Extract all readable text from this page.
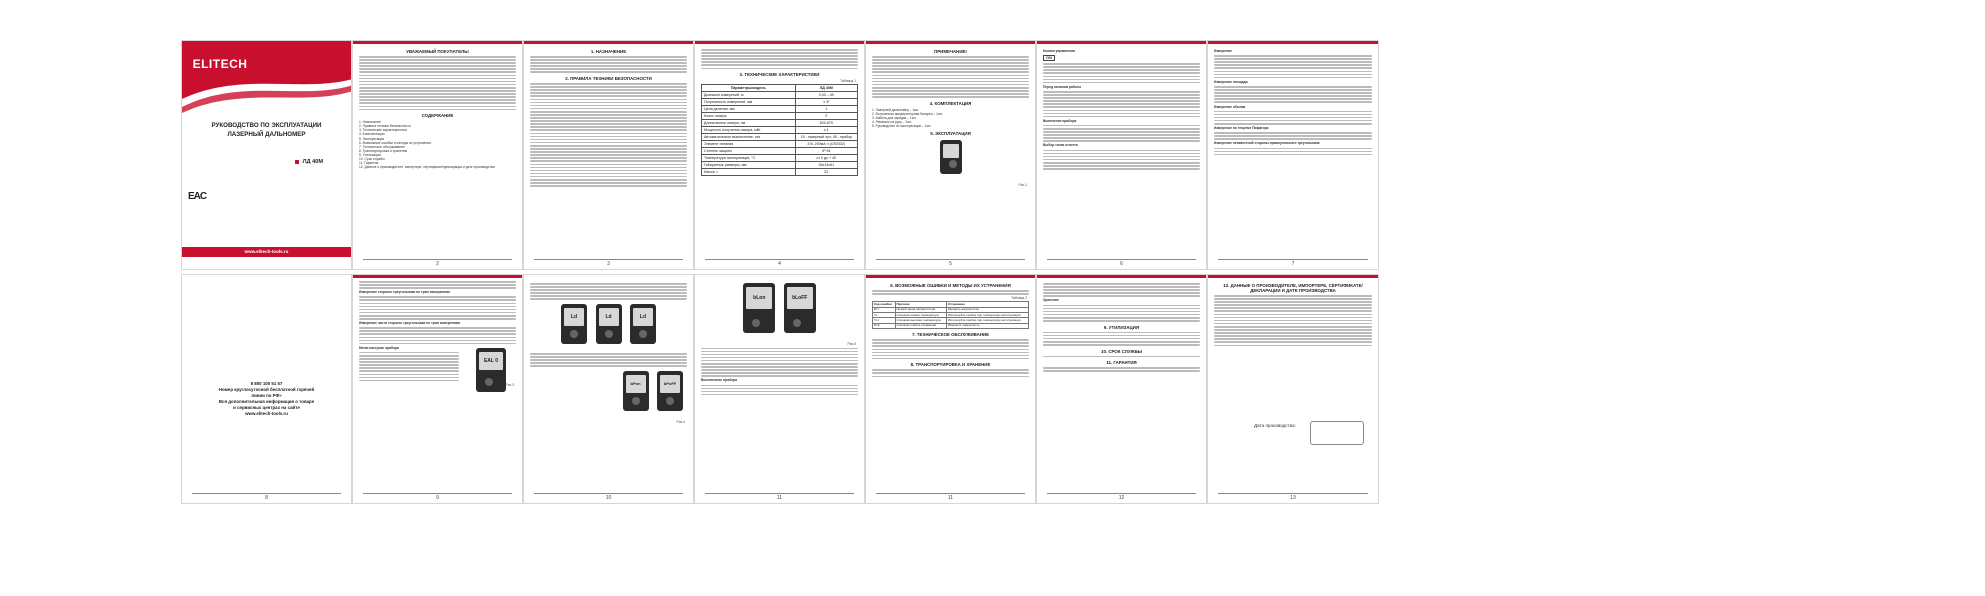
ELITECH
РУКОВОДСТВО ПО ЭКСПЛУАТАЦИИ
ЛАЗЕРНЫЙ ДАЛЬНОМЕР
ЛД 40М
EAC
www.elitech-tools.ru
УВАЖАЕМЫЙ ПОКУПАТЕЛЬ!
СОДЕРЖАНИЕ
1. Назначение
2. Правила техники безопасности
3. Технические характеристики
4. Комплектация
5. Эксплуатация
6. Возможные ошибки и методы их устранения
7. Техническое обслуживание
8. Транспортировка и хранение
9. Утилизация
10. Срок службы
11. Гарантия
12. Данные о производителе, импортере, сертификате/декларации и дате производства
2
1. НАЗНАЧЕНИЕ
2. ПРАВИЛА ТЕХНИКИ БЕЗОПАСНОСТИ
3
3. ТЕХНИЧЕСКИЕ ХАРАКТЕРИСТИКИ
Таблица 1
Параметры/модель	ЛД 40М
Диапазон измерений, м	0,03 – 40
Погрешность измерений, мм	± 3*
Цена деления, мм	1
Класс лазера	2
Длина волны лазера, нм	620-670
Мощность излучения лазера, мВт	≤ 1
Автоматическое выключение, сек	15 - лазерный луч; 45 - прибор
Элемент питания	3 В, 200мА·ч (CR2032)
Степень защиты	IP 54
Температура эксплуатации, °С	от 0 до + 40
Габаритные размеры, мм	26х14х61
Масса, г	22
4
ПРИМЕЧАНИЕ!
4. КОМПЛЕКТАЦИЯ
1. Лазерный дальномер – 1шт.
2. Встроенная аккумуляторная батарея – 1шт.
3. Кабель для зарядки – 1шт.
4. Ремешок на руку – 1шт.
5. Руководство по эксплуатации – 1шт.
5. ЭКСПЛУАТАЦИЯ
Рис.1
5
Кнопки управления
ON
Перед началом работы
Включение прибора
Выбор точки отсчета
6
Измерение
Измерение площади
Измерение объема
Измерение по теореме Пифагора
Измерение неизвестной стороны прямоугольного треугольника
7
8 800 100 51 57
Номер круглосуточной бесплатной горячей
линии по РФ»
Вся дополнительная информация о товаре
и сервисных центрах на сайте
www.elitech-tools.ru
8
Измерение стороны треугольника по трем измерениям
Измерение части стороны треугольника по трем измерениям
Меню настроек прибора
EAL 0
Рис.3
9
Ld
	Ld
	Ld
bPon
	bPoFF
Рис.4
10
bLon
	bLoFF
Рис.5
Выключение прибора
11
6. ВОЗМОЖНЫЕ ОШИБКИ И МЕТОДЫ ИХ УСТРАНЕНИЯ
Таблица 2
Код ошибки	Причина	Устранение
Er.L	Низкий заряд аккумулятора	Зарядить аккумулятор
T.L	Слишком низкая температура	Используйте прибор при температуре эксплуатации
T.H	Слишком высокая температура	Используйте прибор при температуре эксплуатации
Er.E	Слишком слабое отражение	Измените поверхность
7. ТЕХНИЧЕСКОЕ ОБСЛУЖИВАНИЕ
8. ТРАНСПОРТИРОВКА И ХРАНЕНИЕ
11
Хранение
9. УТИЛИЗАЦИЯ
10. СРОК СЛУЖБЫ
11. ГАРАНТИЯ
12
12. ДАННЫЕ О ПРОИЗВОДИТЕЛЕ, ИМПОРТЕРЕ, СЕРТИФИКАТЕ/ДЕКЛАРАЦИИ И ДАТЕ ПРОИЗВОДСТВА
Дата производства:
13
